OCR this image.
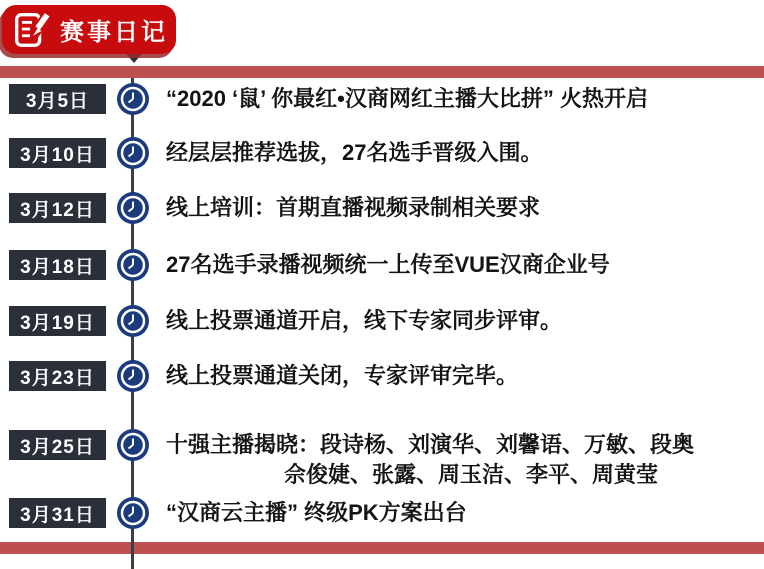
赛事日记
3月5日	“2020 ‘鼠’ 你最红•汉商网红主播大比拼” 火热开启
3月10日	经层层推荐选拔，27名选手晋级入围。
3月12日	线上培训：首期直播视频录制相关要求
3月18日	27名选手录播视频统一上传至VUE汉商企业号
3月19日	线上投票通道开启，线下专家同步评审。
3月23日	线上投票通道关闭，专家评审完毕。
3月25日	十强主播揭晓：段诗杨、刘演华、刘馨语、万敏、段奥
佘俊婕、张露、周玉洁、李平、周黄莹
3月31日	“汉商云主播” 终级PK方案出台
